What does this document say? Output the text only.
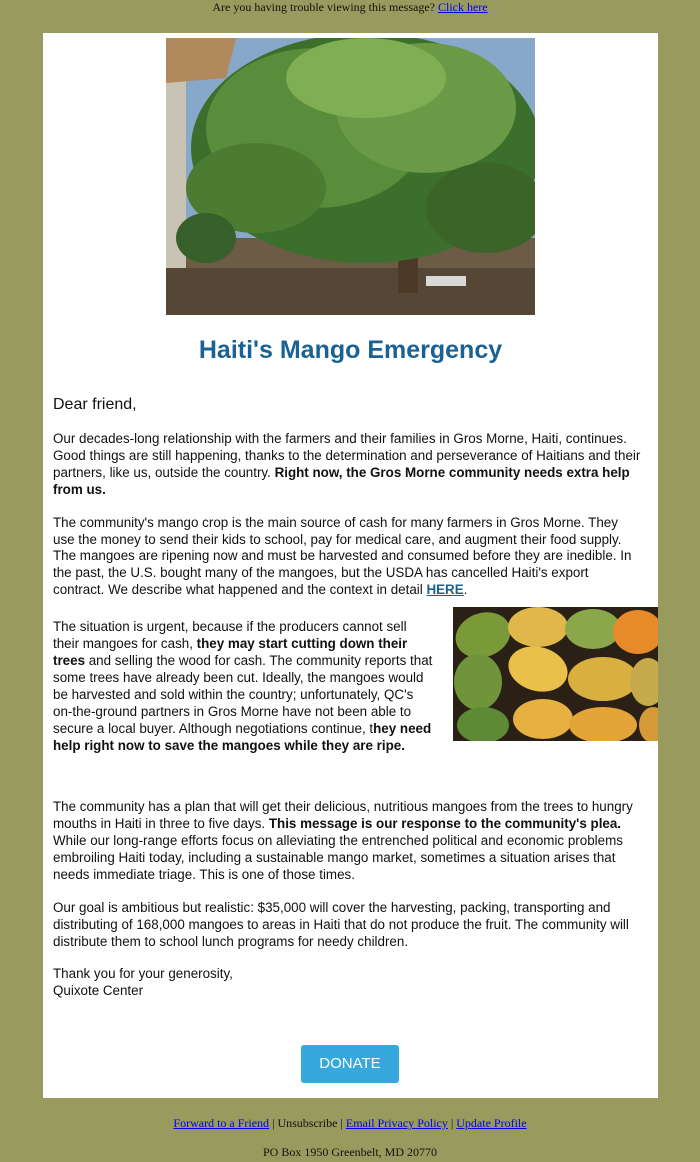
Are you having trouble viewing this message? Click here
Haiti's Mango Emergency

Dear friend,

Our decades-long relationship with the farmers and their families in Gros Morne, Haiti, continues. Good things are still happening, thanks to the determination and perseverance of Haitians and their partners, like us, outside the country. Right now, the Gros Morne community needs extra help from us.

The community's mango crop is the main source of cash for many farmers in Gros Morne. They use the money to send their kids to school, pay for medical care, and augment their food supply. The mangoes are ripening now and must be harvested and consumed before they are inedible. In the past, the U.S. bought many of the mangoes, but the USDA has cancelled Haiti's export contract. We describe what happened and the context in detail HERE.

The situation is urgent, because if the producers cannot sell their mangoes for cash, they may start cutting down their trees and selling the wood for cash. The community reports that some trees have already been cut. Ideally, the mangoes would be harvested and sold within the country; unfortunately, QC's on-the-ground partners in Gros Morne have not been able to secure a local buyer. Although negotiations continue, they need help right now to save the mangoes while they are ripe.

The community has a plan that will get their delicious, nutritious mangoes from the trees to hungry mouths in Haiti in three to five days. This message is our response to the community's plea. While our long-range efforts focus on alleviating the entrenched political and economic problems embroiling Haiti today, including a sustainable mango market, sometimes a situation arises that needs immediate triage. This is one of those times.

Our goal is ambitious but realistic: $35,000 will cover the harvesting, packing, transporting and distributing of 168,000 mangoes to areas in Haiti that do not produce the fruit. The community will distribute them to school lunch programs for needy children.

Thank you for your generosity,
Quixote Center

DONATE
Forward to a Friend | Unsubscribe | Email Privacy Policy | Update Profile
PO Box 1950 Greenbelt, MD 20770
